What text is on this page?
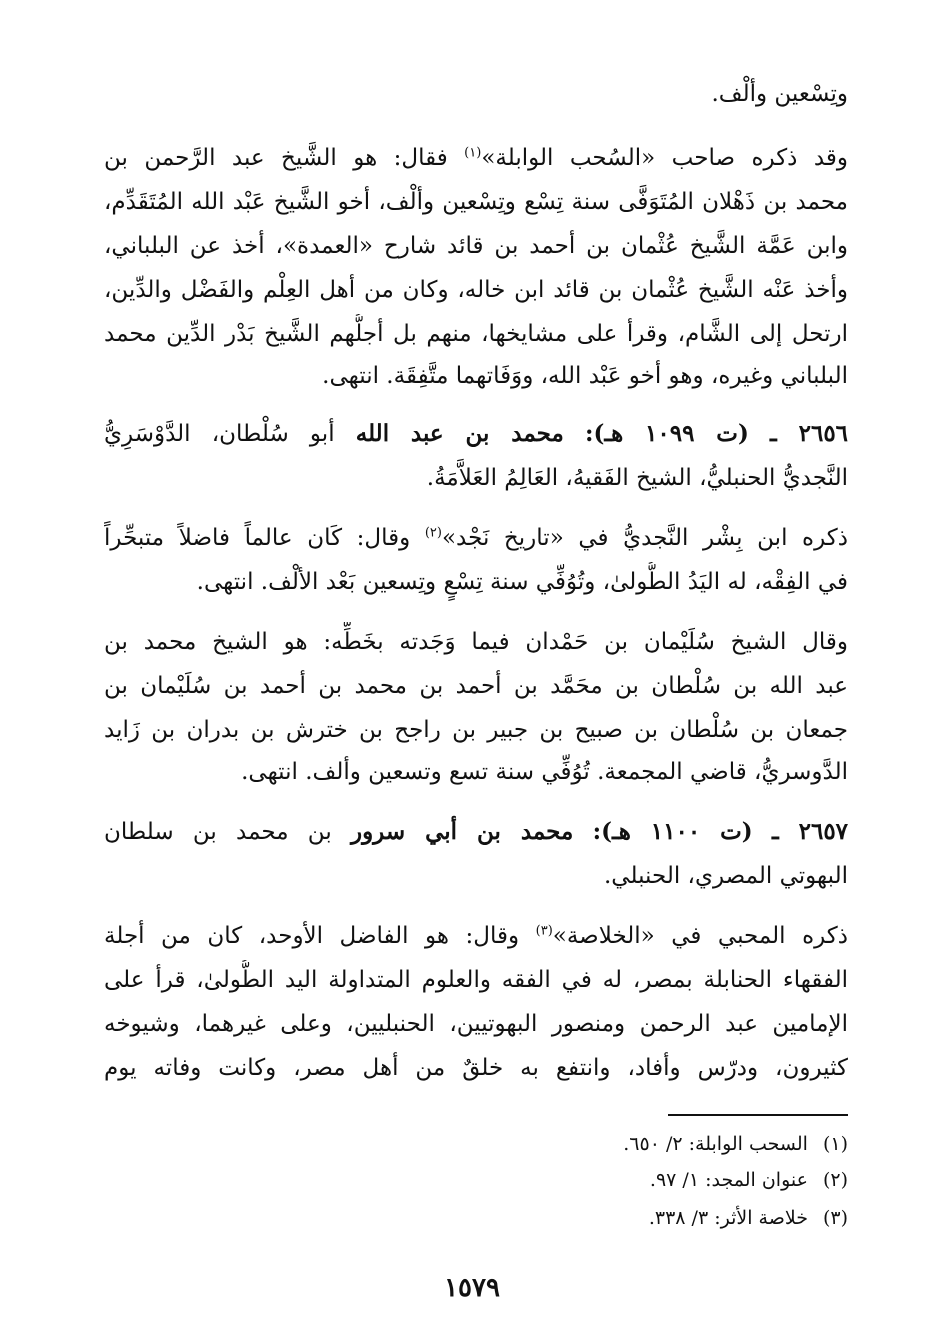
وتِسْعين وألْف.
وقد ذكره صاحب «السُحب الوابلة»$^{(١)}$ فقال: هو الشَّيخ عبد الرَّحمن بن
محمد بن ذَهْلان المُتَوَفَّى سنة تِسْع وتِسْعين وألْف، أخو الشَّيخ عَبْد الله المُتَقَدِّم،
وابن عَمَّة الشَّيخ عُثْمان بن أحمد بن قائد شارح «العمدة»، أخذ عن البلباني،
وأخذ عَنْه الشَّيخ عُثْمان بن قائد ابن خاله، وكان من أهل العِلْم والفَضْل والدِّين،
ارتحل إلى الشَّام، وقرأ على مشايخها، منهم بل أجلُّهم الشَّيخ بَدْر الدِّين محمد
البلباني وغيره، وهو أخو عَبْد الله، ووَفَاتهما متَّفِقَة. انتهى.
٢٦٥٦ ـ (ت ١٠٩٩ هـ): محمد بن عبد الله أبو سُلْطان، الدَّوْسَرِيُّ
النَّجديُّ الحنبليُّ، الشيخ الفَقيهُ، العَالِمُ العَلاَّمَةُ.
ذكره ابن بِشْر النَّجديُّ في «تاريخ نَجْد»$^{(٢)}$ وقال: كَان عالماً فاضلاً متبحِّراً
في الفِقْه، له اليَدُ الطُّولىٰ، وتُوُفِّي سنة تِسْعٍ وتِسعين بَعْد الألْف. انتهى.
وقال الشيخ سُلَيْمان بن حَمْدان فيما وَجَدته بخَطِّه: هو الشيخ محمد بن
عبد الله بن سُلْطان بن محَمَّد بن أحمد بن محمد بن أحمد بن سُلَيْمان بن
جمعان بن سُلْطان بن صبيح بن جبير بن راجح بن خترش بن بدران بن زَايد
الدَّوسريُّ، قاضي المجمعة. تُوُفِّي سنة تسع وتسعين وألف. انتهى.
٢٦٥٧ ـ (ت ١١٠٠ هـ): محمد بن أبي سرور بن محمد بن سلطان
البهوتي المصري، الحنبلي.
ذكره المحبي في «الخلاصة»$^{(٣)}$ وقال: هو الفاضل الأوحد، كان من أجلة
الفقهاء الحنابلة بمصر، له في الفقه والعلوم المتداولة اليد الطُّولىٰ، قرأ على
الإمامين عبد الرحمن ومنصور البهوتيين، الحنبليين، وعلى غيرهما، وشيوخه
كثيرون، ودرّس وأفاد، وانتفع به خلقٌ من أهل مصر، وكانت وفاته يوم
(١) السحب الوابلة: ٢/ ٦٥٠.
(٢) عنوان المجد: ١/ ٩٧.
(٣) خلاصة الأثر: ٣/ ٣٣٨.
١٥٧٩
